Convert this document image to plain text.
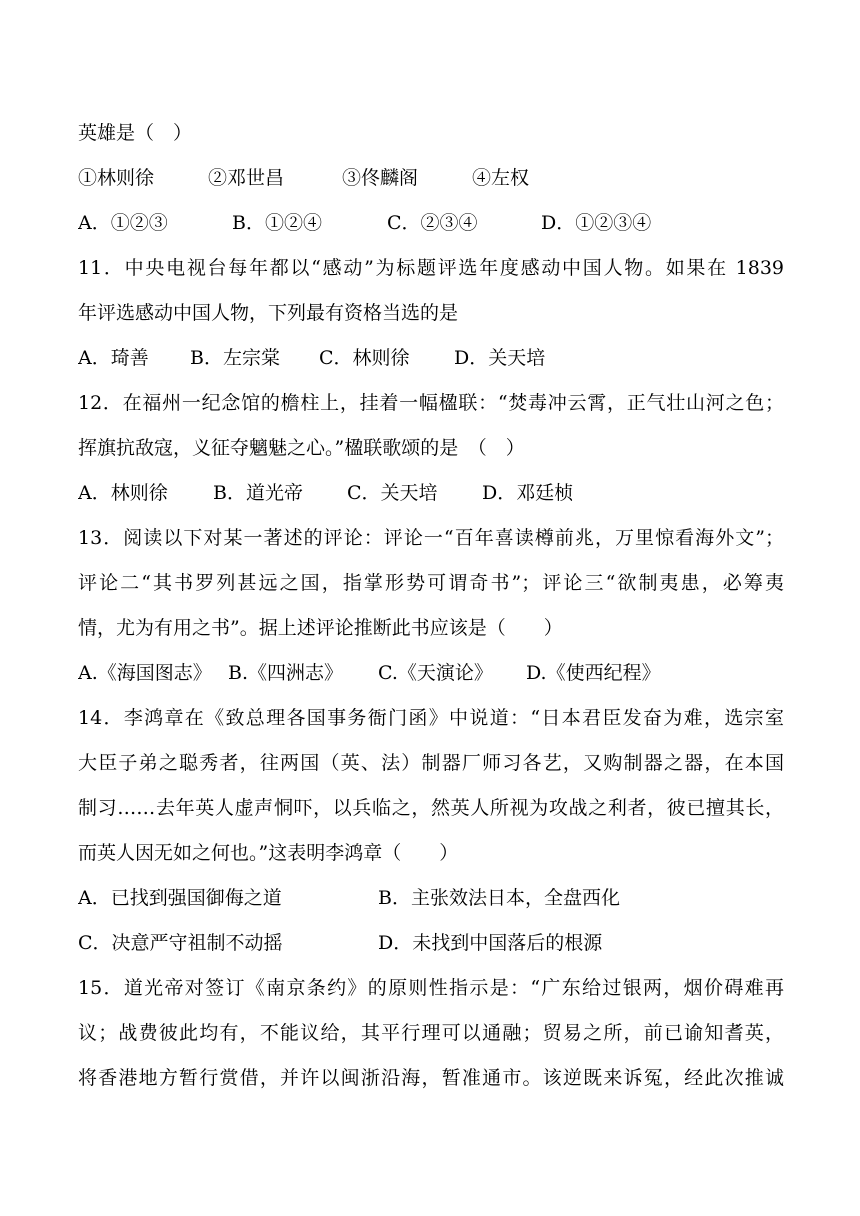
英雄是（　）
①林则徐	②邓世昌	③佟麟阁	④左权
A．①②③	B．①②④	C．②③④	D．①②③④
11．中央电视台每年都以“感动”为标题评选年度感动中国人物。如果在 1839
年评选感动中国人物，下列最有资格当选的是
A．琦善 B．左宗棠 C．林则徐 D．关天培
12．在福州一纪念馆的檐柱上，挂着一幅楹联：“焚毒冲云霄，正气壮山河之色；
挥旗抗敌寇，义征夺魑魅之心。”楹联歌颂的是　（　）
A．林则徐 B．道光帝 C．关天培 D．邓廷桢
13．阅读以下对某一著述的评论：评论一“百年喜读樽前兆，万里惊看海外文”；
评论二“其书罗列甚远之国，指掌形势可谓奇书”；评论三“欲制夷患，必筹夷
情，尤为有用之书”。据上述评论推断此书应该是（　　）
A.《海国图志》 B.《四洲志》 C.《天演论》 D.《使西纪程》
14．李鸿章在《致总理各国事务衙门函》中说道：“日本君臣发奋为难，选宗室
大臣子弟之聪秀者，往两国（英、法）制器厂师习各艺，又购制器之器，在本国
制习……去年英人虚声恫吓，以兵临之，然英人所视为攻战之利者，彼已擅其长，
而英人因无如之何也。”这表明李鸿章（　　）
A．已找到强国御侮之道	B．主张效法日本，全盘西化
C．决意严守祖制不动摇	D．未找到中国落后的根源
15．道光帝对签订《南京条约》的原则性指示是：“广东给过银两，烟价碍难再
议；战费彼此均有，不能议给，其平行理可以通融；贸易之所，前已谕知耆英，
将香港地方暂行赏借，并许以闽浙沿海，暂准通市。该逆既来诉冤，经此次推诚
